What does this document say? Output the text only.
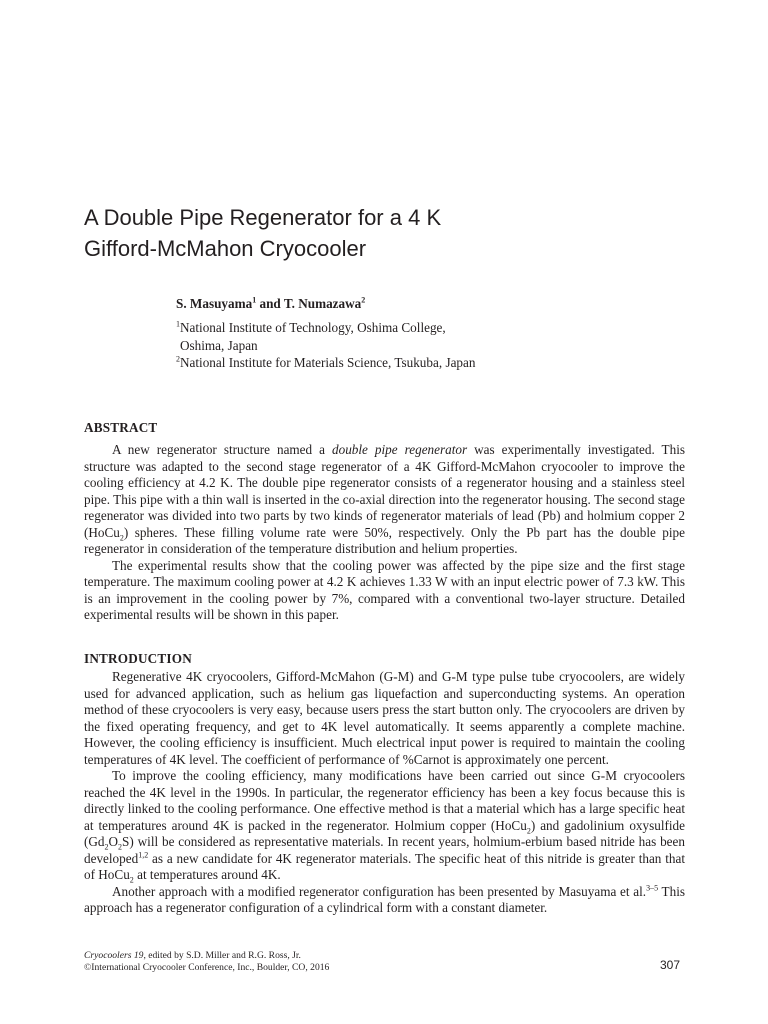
A Double Pipe Regenerator for a 4 K
Gifford-McMahon Cryocooler
S. Masuyama$^1$ and T. Numazawa$^2$
$^1$National Institute of Technology, Oshima College,
Oshima, Japan
$^2$National Institute for Materials Science, Tsukuba, Japan
ABSTRACT

A new regenerator structure named a double pipe regenerator was experimentally investigated. This structure was adapted to the second stage regenerator of a 4K Gifford-McMahon cryocooler to improve the cooling efficiency at 4.2 K. The double pipe regenerator consists of a regenerator housing and a stainless steel pipe. This pipe with a thin wall is inserted in the co-axial direction into the regenerator housing. The second stage regenerator was divided into two parts by two kinds of regenerator materials of lead (Pb) and holmium copper 2 (HoCu$_2$) spheres. These filling volume rate were 50%, respectively. Only the Pb part has the double pipe regenerator in consideration of the temperature distribution and helium properties.

The experimental results show that the cooling power was affected by the pipe size and the first stage temperature. The maximum cooling power at 4.2 K achieves 1.33 W with an input electric power of 7.3 kW. This is an improvement in the cooling power by 7%, compared with a conventional two-layer structure. Detailed experimental results will be shown in this paper.

INTRODUCTION

Regenerative 4K cryocoolers, Gifford-McMahon (G-M) and G-M type pulse tube cryocoolers, are widely used for advanced application, such as helium gas liquefaction and superconducting systems. An operation method of these cryocoolers is very easy, because users press the start button only. The cryocoolers are driven by the fixed operating frequency, and get to 4K level automatically. It seems apparently a complete machine. However, the cooling efficiency is insufficient. Much electrical input power is required to maintain the cooling temperatures of 4K level. The coefficient of performance of %Carnot is approximately one percent.

To improve the cooling efficiency, many modifications have been carried out since G-M cryocoolers reached the 4K level in the 1990s. In particular, the regenerator efficiency has been a key focus because this is directly linked to the cooling performance. One effective method is that a material which has a large specific heat at temperatures around 4K is packed in the regenerator. Holmium copper (HoCu$_2$) and gadolinium oxysulfide $(Gd_2O_2S)$ will be considered as representative materials. In recent years, holmium-erbium based nitride has been developed$^{1,2}$ as a new candidate for 4K regenerator materials. The specific heat of this nitride is greater than that of HoCu$_2$ at temperatures around 4K.

Another approach with a modified regenerator configuration has been presented by Masuyama et al.$^{3-5}$ This approach has a regenerator configuration of a cylindrical form with a constant diameter.

Cryocoolers 19, edited by S.D. Miller and R.G. Ross, Jr.
©International Cryocooler Conference, Inc., Boulder, CO, 2016	307
